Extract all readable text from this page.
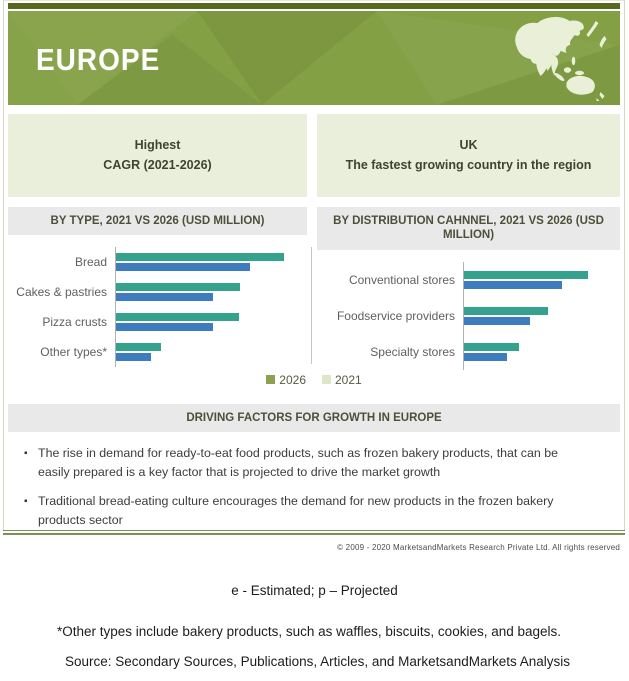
EUROPE
Highest
CAGR (2021-2026)
UK
The fastest growing country in the region
BY TYPE, 2021 VS 2026 (USD MILLION)
Bread
Cakes & pastries
Pizza crusts
Other types*
BY DISTRIBUTION CAHNNEL, 2021 VS 2026 (USD MILLION)
Conventional stores
Foodservice providers
Specialty stores
2026 2021
DRIVING FACTORS FOR GROWTH IN EUROPE
▪ The rise in demand for ready-to-eat food products, such as frozen bakery products, that can be easily prepared is a key factor that is projected to drive the market growth
▪ Traditional bread-eating culture encourages the demand for new products in the frozen bakery products sector
© 2009 - 2020 MarketsandMarkets Research Private Ltd. All rights reserved
e - Estimated; p – Projected
*Other types include bakery products, such as waffles, biscuits, cookies, and bagels.
Source: Secondary Sources, Publications, Articles, and MarketsandMarkets Analysis
